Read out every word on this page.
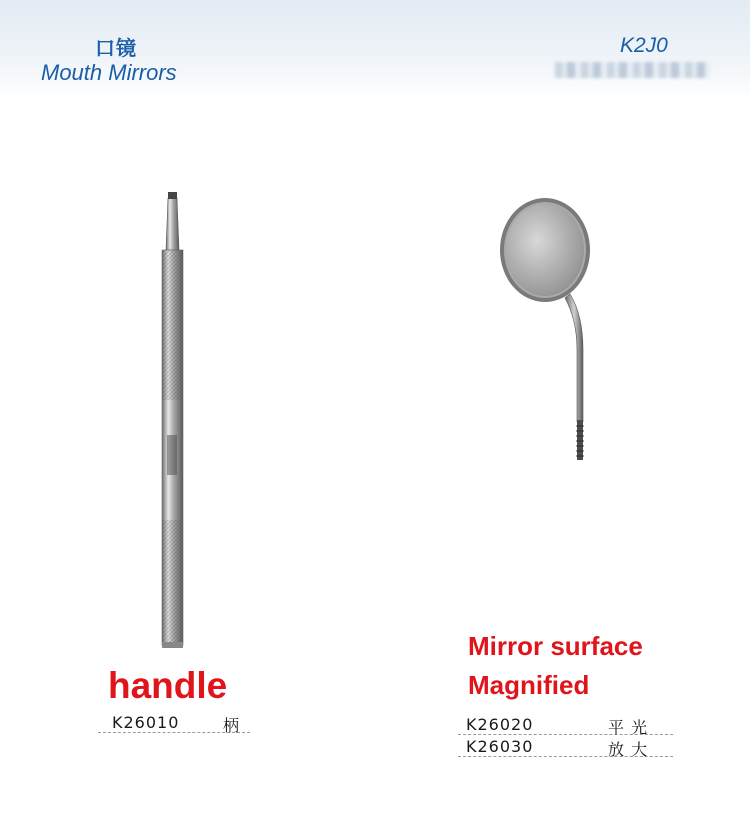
口镜
Mouth Mirrors
K2J0
handle
K26010	柄
Mirror surface
Magnified
K26020	平 光
K26030	放 大
